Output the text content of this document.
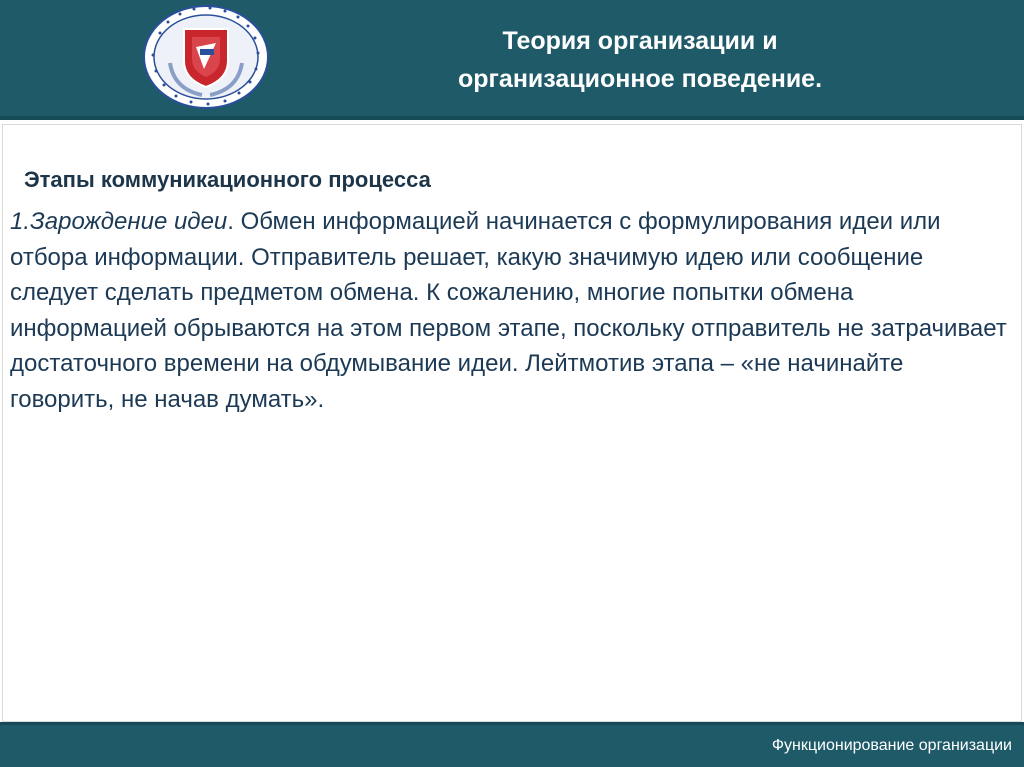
Теория организации и
организационное поведение.
Этапы коммуникационного процесса

1.Зарождение идеи. Обмен информацией начинается с формулирования идеи или отбора информации. Отправитель решает, какую значимую идею или сообщение следует сделать предметом обмена. К сожалению, многие попытки обмена информацией обрываются на этом первом этапе, поскольку отправитель не затрачивает достаточного времени на обдумывание идеи. Лейтмотив этапа – «не начинайте говорить, не начав думать».

Функционирование организации
